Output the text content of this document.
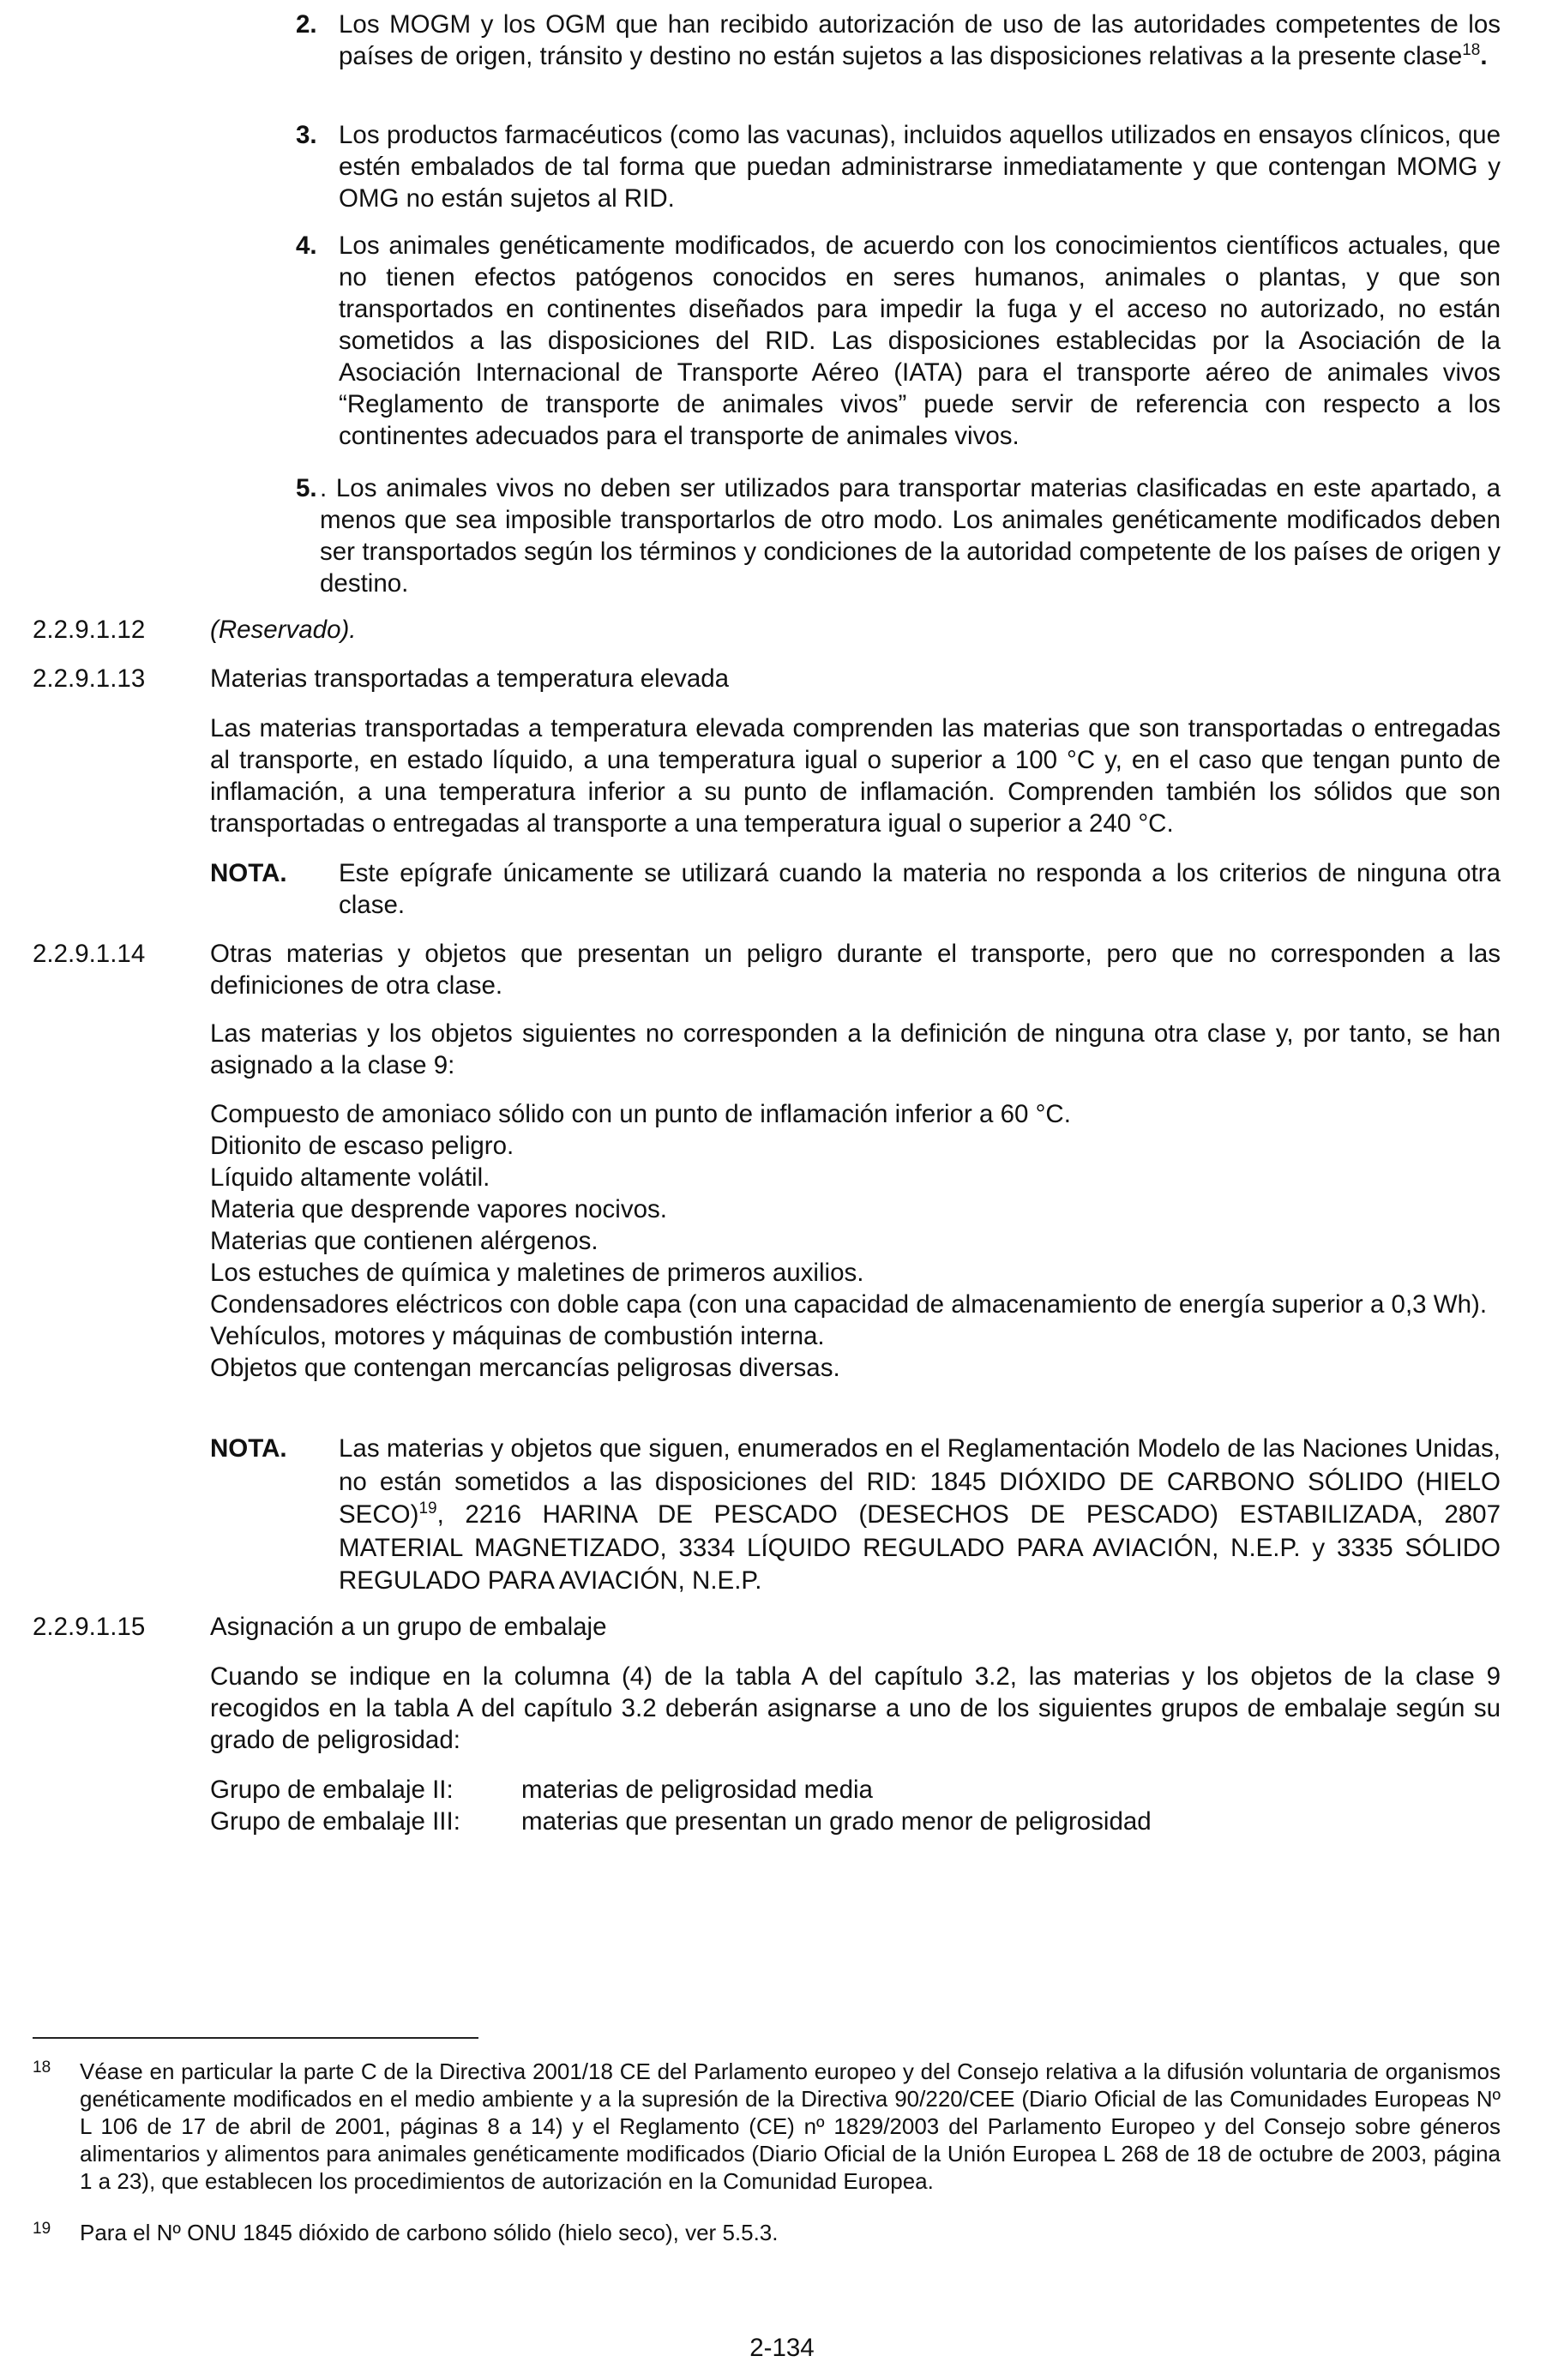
2. Los MOGM y los OGM que han recibido autorización de uso de las autoridades competentes de los países de origen, tránsito y destino no están sujetos a las disposiciones relativas a la presente clase$^{18}$.
3. Los productos farmacéuticos (como las vacunas), incluidos aquellos utilizados en ensayos clínicos, que estén embalados de tal forma que puedan administrarse inmediatamente y que contengan MOMG y OMG no están sujetos al RID.
4. Los animales genéticamente modificados, de acuerdo con los conocimientos científicos actuales, que no tienen efectos patógenos conocidos en seres humanos, animales o plantas, y que son transportados en continentes diseñados para impedir la fuga y el acceso no autorizado, no están sometidos a las disposiciones del RID. Las disposiciones establecidas por la Asociación de la Asociación Internacional de Transporte Aéreo (IATA) para el transporte aéreo de animales vivos “Reglamento de transporte de animales vivos” puede servir de referencia con respecto a los continentes adecuados para el transporte de animales vivos.
5. . Los animales vivos no deben ser utilizados para transportar materias clasificadas en este apartado, a menos que sea imposible transportarlos de otro modo. Los animales genéticamente modificados deben ser transportados según los términos y condiciones de la autoridad competente de los países de origen y destino.
2.2.9.1.12	(Reservado).
2.2.9.1.13	Materias transportadas a temperatura elevada
Las materias transportadas a temperatura elevada comprenden las materias que son transportadas o entregadas al transporte, en estado líquido, a una temperatura igual o superior a 100 °C y, en el caso que tengan punto de inflamación, a una temperatura inferior a su punto de inflamación. Comprenden también los sólidos que son transportadas o entregadas al transporte a una temperatura igual o superior a 240 °C.
NOTA. Este epígrafe únicamente se utilizará cuando la materia no responda a los criterios de ninguna otra clase.
2.2.9.1.14	Otras materias y objetos que presentan un peligro durante el transporte, pero que no corresponden a las definiciones de otra clase.
Las materias y los objetos siguientes no corresponden a la definición de ninguna otra clase y, por tanto, se han asignado a la clase 9:
Compuesto de amoniaco sólido con un punto de inflamación inferior a 60 °C.
Ditionito de escaso peligro.
Líquido altamente volátil.
Materia que desprende vapores nocivos.
Materias que contienen alérgenos.
Los estuches de química y maletines de primeros auxilios.
Condensadores eléctricos con doble capa (con una capacidad de almacenamiento de energía superior a 0,3 Wh).
Vehículos, motores y máquinas de combustión interna.
Objetos que contengan mercancías peligrosas diversas.
NOTA. Las materias y objetos que siguen, enumerados en el Reglamentación Modelo de las Naciones Unidas, no están sometidos a las disposiciones del RID: 1845 DIÓXIDO DE CARBONO SÓLIDO (HIELO SECO)$^{19}$, 2216 HARINA DE PESCADO (DESECHOS DE PESCADO) ESTABILIZADA, 2807 MATERIAL MAGNETIZADO, 3334 LÍQUIDO REGULADO PARA AVIACIÓN, N.E.P. y 3335 SÓLIDO REGULADO PARA AVIACIÓN, N.E.P.
2.2.9.1.15	Asignación a un grupo de embalaje
Cuando se indique en la columna (4) de la tabla A del capítulo 3.2, las materias y los objetos de la clase 9 recogidos en la tabla A del capítulo 3.2 deberán asignarse a uno de los siguientes grupos de embalaje según su grado de peligrosidad:
Grupo de embalaje II:	materias de peligrosidad media
Grupo de embalaje III: materias que presentan un grado menor de peligrosidad
18 Véase en particular la parte C de la Directiva 2001/18 CE del Parlamento europeo y del Consejo relativa a la difusión voluntaria de organismos genéticamente modificados en el medio ambiente y a la supresión de la Directiva 90/220/CEE (Diario Oficial de las Comunidades Europeas Nº L 106 de 17 de abril de 2001, páginas 8 a 14) y el Reglamento (CE) nº 1829/2003 del Parlamento Europeo y del Consejo sobre géneros alimentarios y alimentos para animales genéticamente modificados (Diario Oficial de la Unión Europea L 268 de 18 de octubre de 2003, página 1 a 23), que establecen los procedimientos de autorización en la Comunidad Europea.
19 Para el Nº ONU 1845 dióxido de carbono sólido (hielo seco), ver 5.5.3.
2-134
